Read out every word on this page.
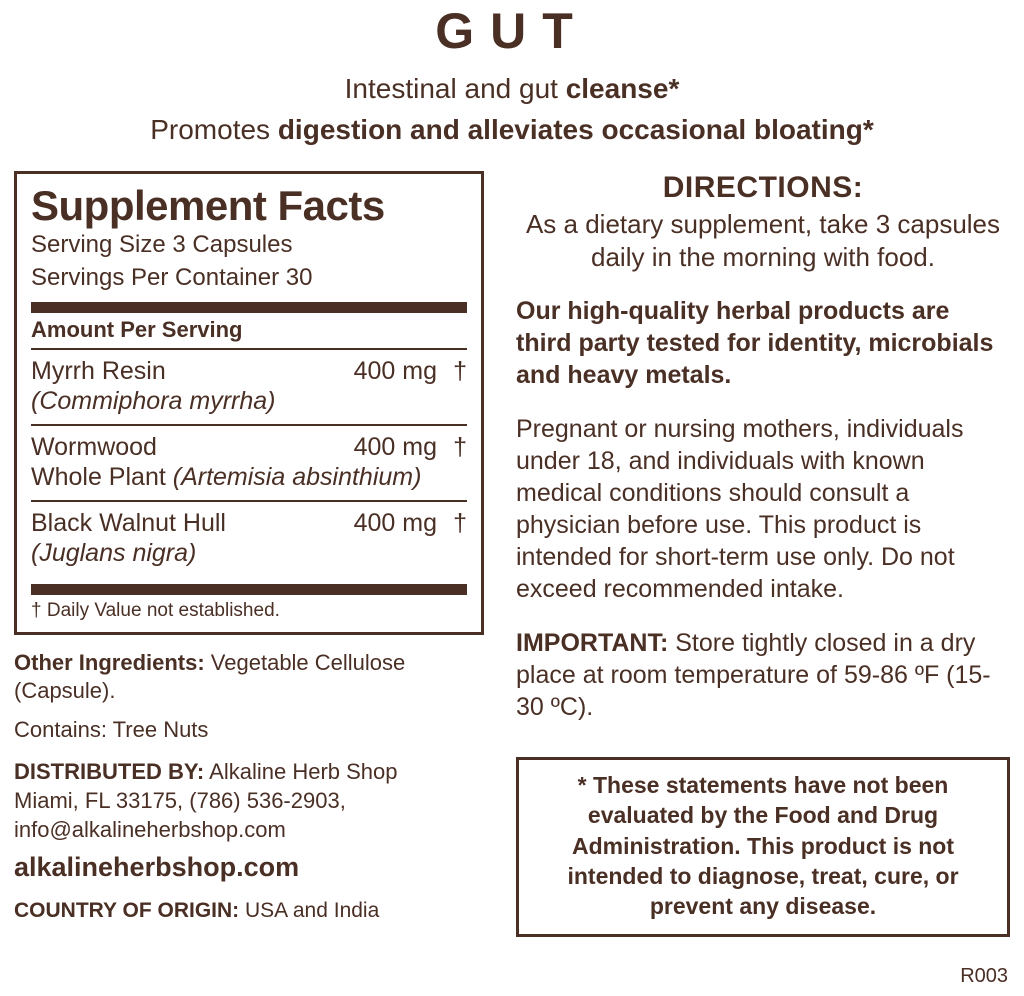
GUT
Intestinal and gut cleanse*
Promotes digestion and alleviates occasional bloating*
Supplement Facts
Serving Size 3 Capsules
Servings Per Container 30
Amount Per Serving
Myrrh Resin	400 mg †
(Commiphora myrrha)
Wormwood	400 mg †
Whole Plant (Artemisia absinthium)
Black Walnut Hull	400 mg †
(Juglans nigra)
† Daily Value not established.
Other Ingredients: Vegetable Cellulose (Capsule).
Contains: Tree Nuts
DISTRIBUTED BY: Alkaline Herb Shop
Miami, FL 33175, (786) 536-2903,
info@alkalineherbshop.com
alkalineherbshop.com
COUNTRY OF ORIGIN: USA and India
DIRECTIONS:
As a dietary supplement, take 3 capsules daily in the morning with food.
Our high-quality herbal products are third party tested for identity, microbials and heavy metals.
Pregnant or nursing mothers, individuals under 18, and individuals with known medical conditions should consult a physician before use. This product is intended for short-term use only. Do not exceed recommended intake.
IMPORTANT: Store tightly closed in a dry place at room temperature of 59-86 ºF (15-30 ºC).
* These statements have not been evaluated by the Food and Drug Administration. This product is not intended to diagnose, treat, cure, or prevent any disease.
R003
